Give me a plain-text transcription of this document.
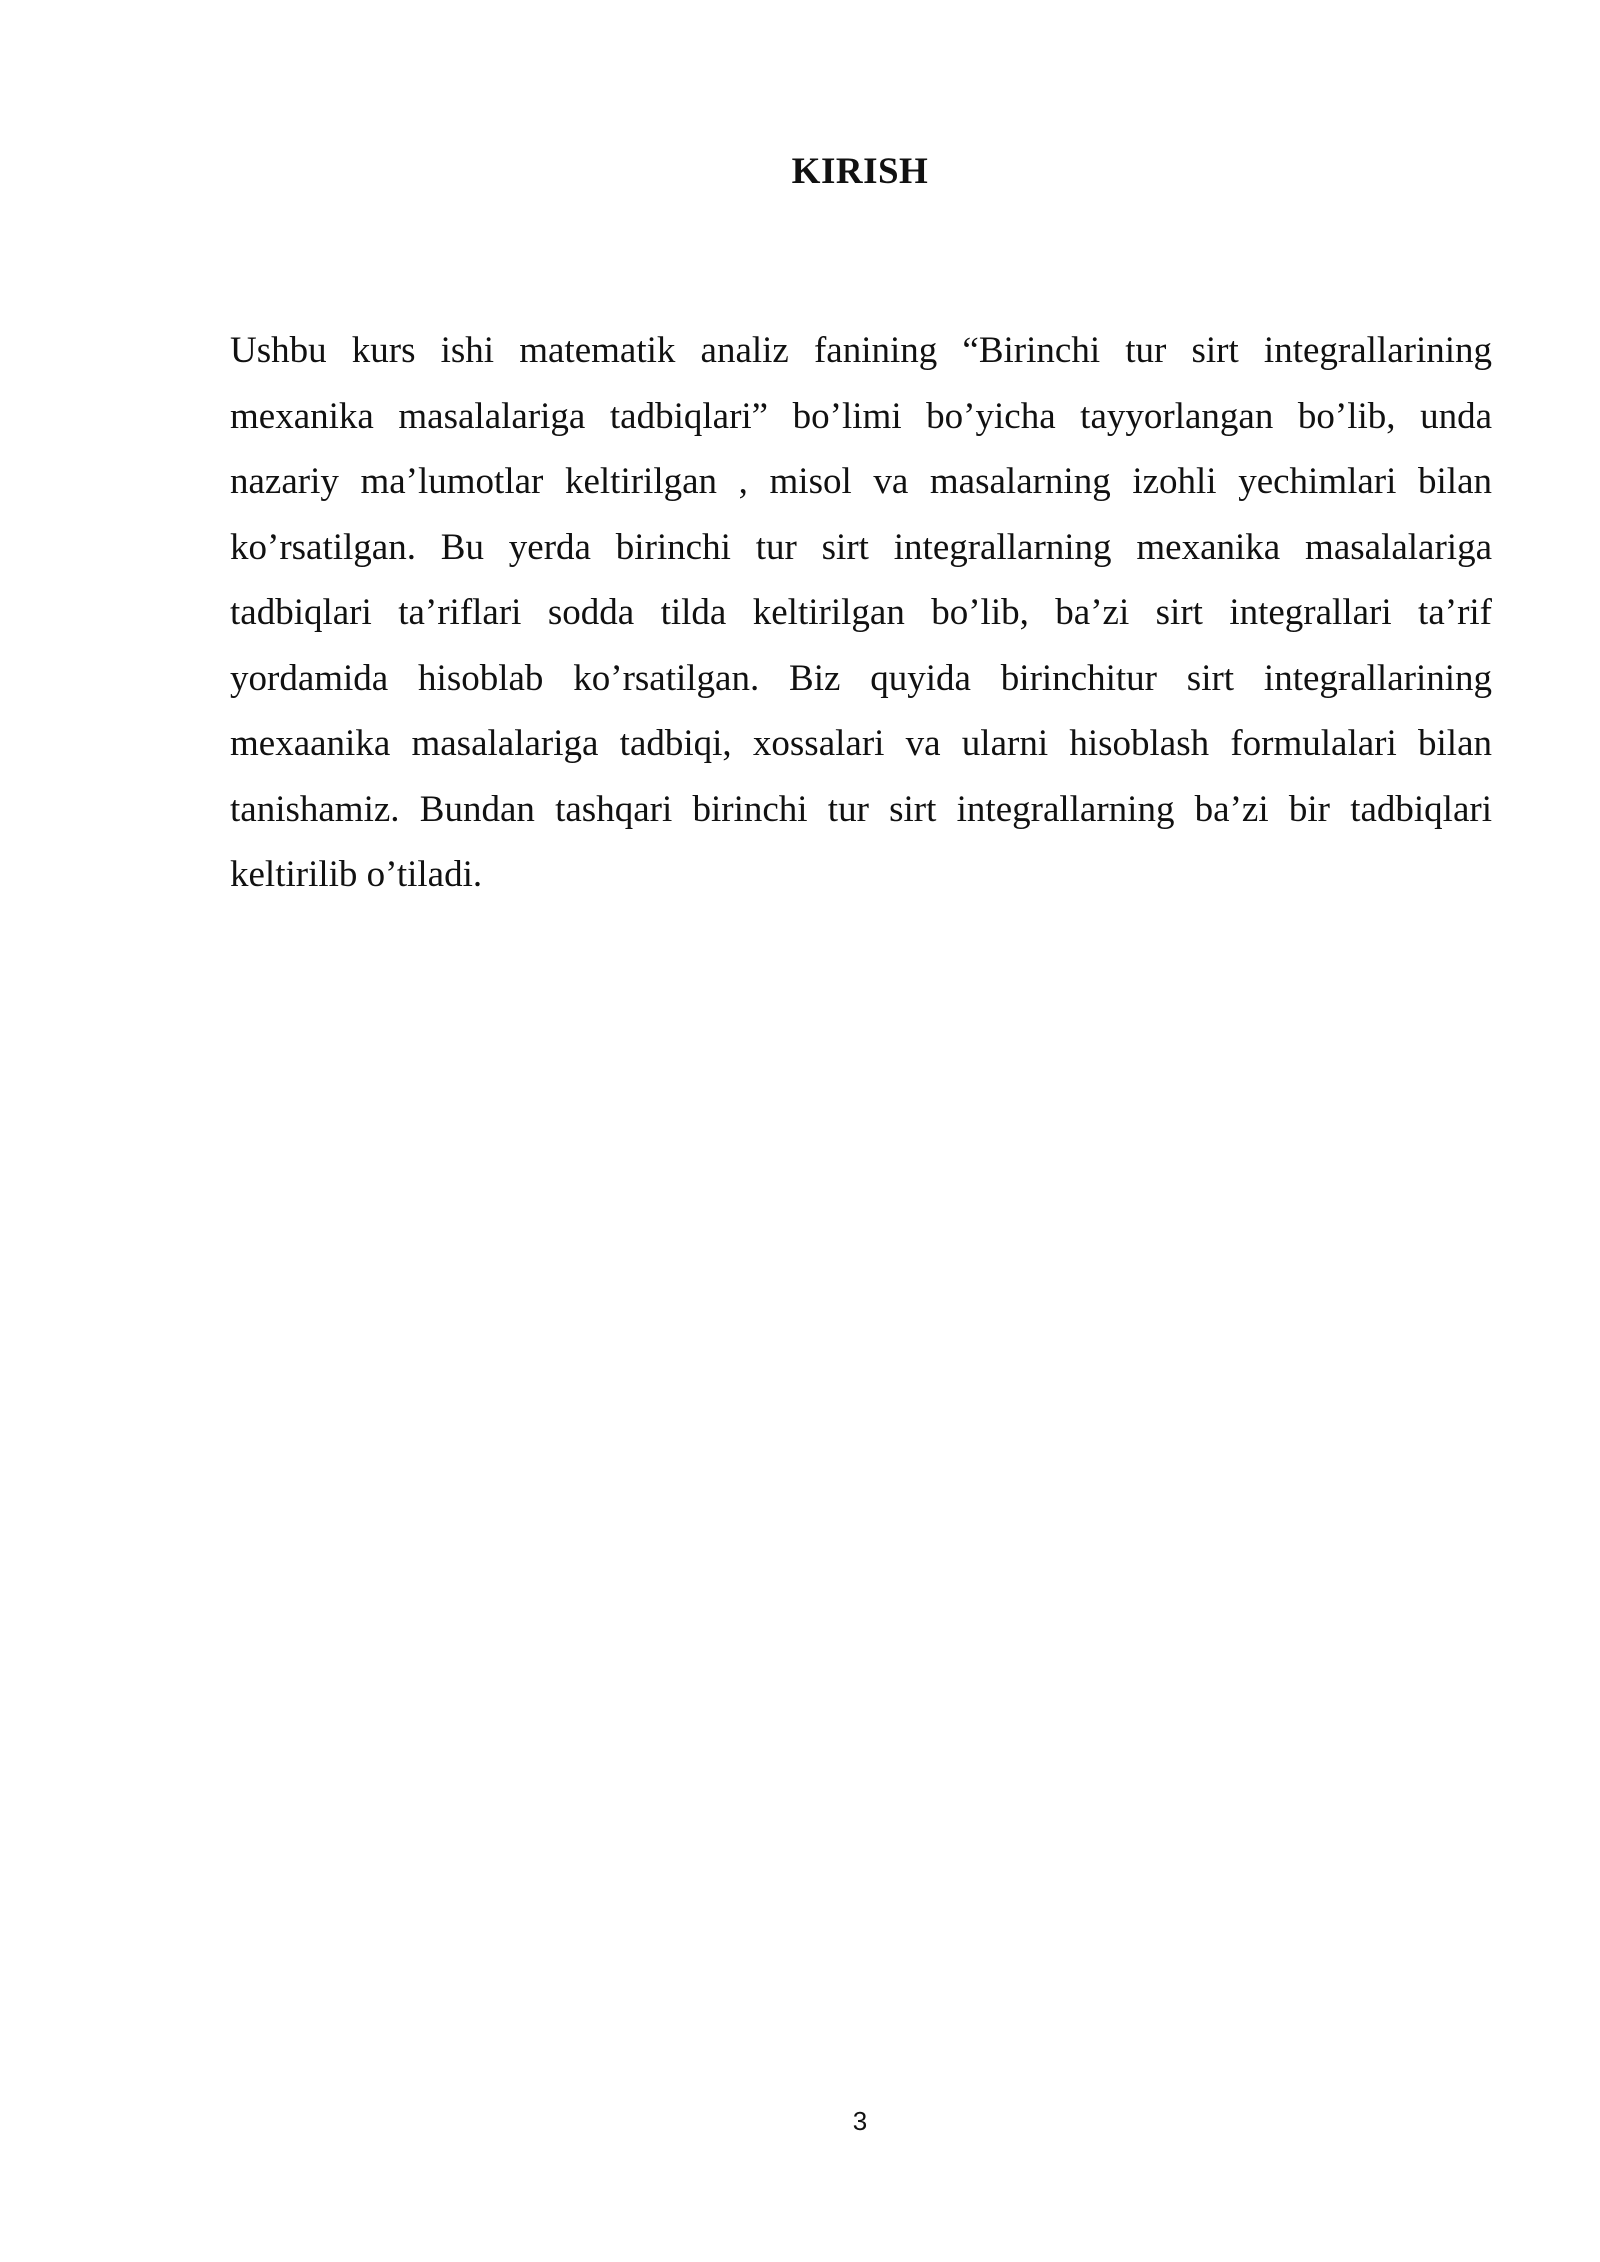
KIRISH
Ushbu kurs ishi matematik analiz fanining “Birinchi tur sirt integrallarining
mexanika masalalariga tadbiqlari” bo’limi bo’yicha tayyorlangan bo’lib, unda
nazariy ma’lumotlar keltirilgan , misol va masalarning izohli yechimlari bilan
ko’rsatilgan. Bu yerda birinchi tur sirt integrallarning mexanika masalalariga
tadbiqlari ta’riflari sodda tilda keltirilgan bo’lib, ba’zi sirt integrallari ta’rif
yordamida hisoblab ko’rsatilgan. Biz quyida birinchitur sirt integrallarining
mexaanika masalalariga tadbiqi, xossalari va ularni hisoblash formulalari bilan
tanishamiz. Bundan tashqari birinchi tur sirt integrallarning ba’zi bir tadbiqlari
keltirilib o’tiladi.

3
